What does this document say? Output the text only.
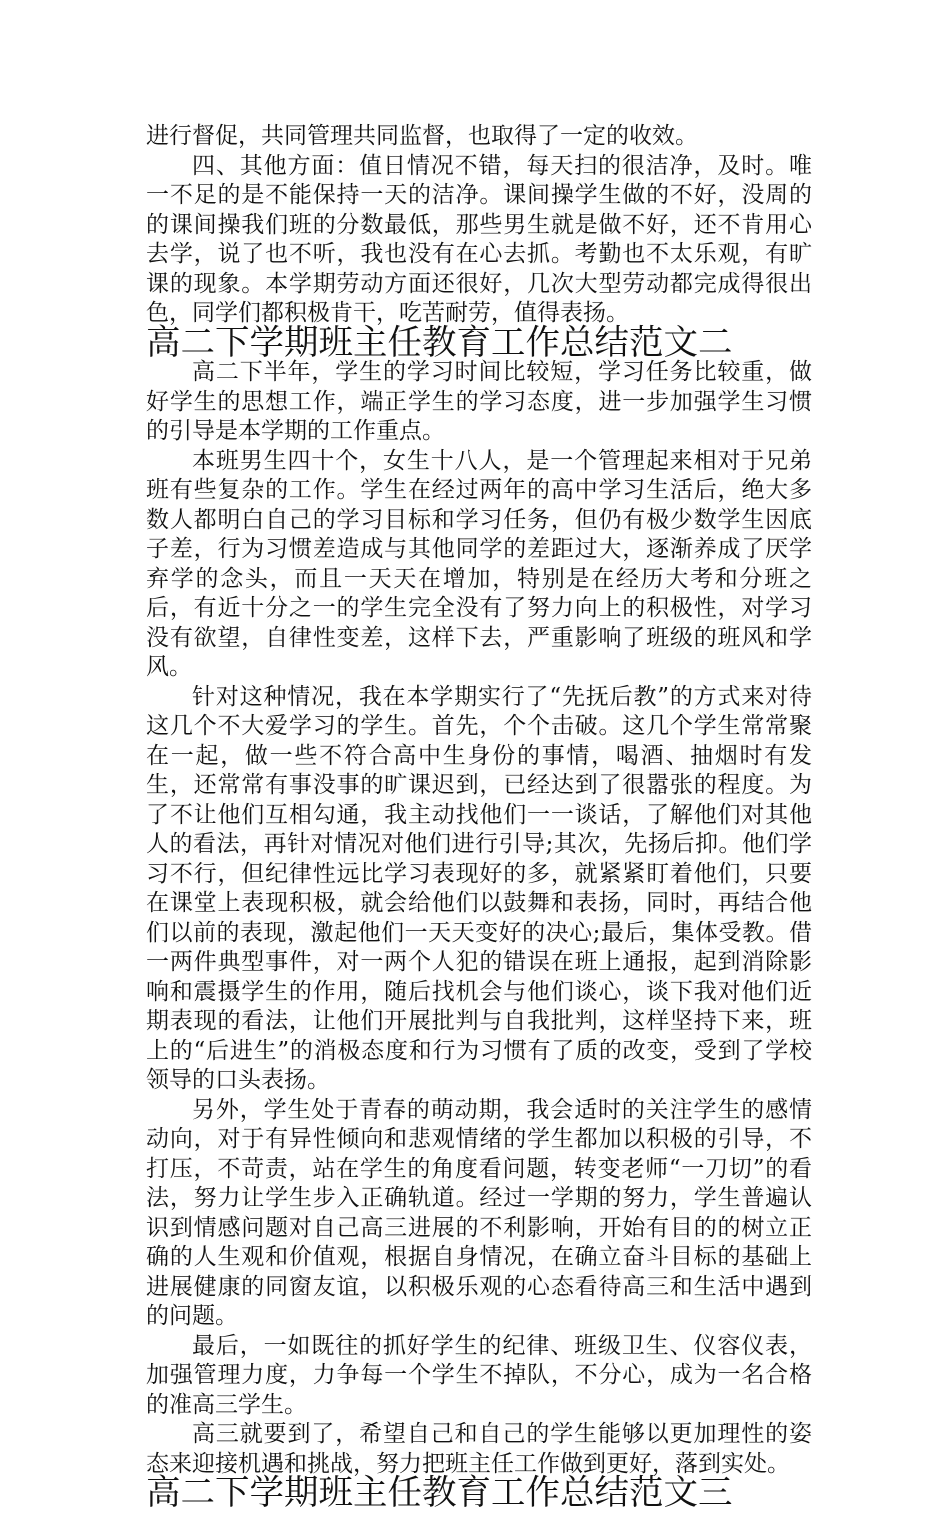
进行督促，共同管理共同监督，也取得了一定的收效。

四、其他方面：值日情况不错，每天扫的很洁净，及时。唯一不足的是不能保持一天的洁净。课间操学生做的不好，没周的的课间操我们班的分数最低，那些男生就是做不好，还不肯用心去学，说了也不听，我也没有在心去抓。考勤也不太乐观，有旷课的现象。本学期劳动方面还很好，几次大型劳动都完成得很出色，同学们都积极肯干，吃苦耐劳，值得表扬。

高二下学期班主任教育工作总结范文二

高二下半年，学生的学习时间比较短，学习任务比较重，做好学生的思想工作，端正学生的学习态度，进一步加强学生习惯的引导是本学期的工作重点。

本班男生四十个，女生十八人，是一个管理起来相对于兄弟班有些复杂的工作。学生在经过两年的高中学习生活后，绝大多数人都明白自己的学习目标和学习任务，但仍有极少数学生因底子差，行为习惯差造成与其他同学的差距过大，逐渐养成了厌学弃学的念头，而且一天天在增加，特别是在经历大考和分班之后，有近十分之一的学生完全没有了努力向上的积极性，对学习没有欲望，自律性变差，这样下去，严重影响了班级的班风和学风。

针对这种情况，我在本学期实行了“先抚后教”的方式来对待这几个不大爱学习的学生。首先，个个击破。这几个学生常常聚在一起，做一些不符合高中生身份的事情，喝酒、抽烟时有发生，还常常有事没事的旷课迟到，已经达到了很嚣张的程度。为了不让他们互相勾通，我主动找他们一一谈话，了解他们对其他人的看法，再针对情况对他们进行引导;其次，先扬后抑。他们学习不行，但纪律性远比学习表现好的多，就紧紧盯着他们，只要在课堂上表现积极，就会给他们以鼓舞和表扬，同时，再结合他们以前的表现，激起他们一天天变好的决心;最后，集体受教。借一两件典型事件，对一两个人犯的错误在班上通报，起到消除影响和震摄学生的作用，随后找机会与他们谈心，谈下我对他们近期表现的看法，让他们开展批判与自我批判，这样坚持下来，班上的“后进生”的消极态度和行为习惯有了质的改变，受到了学校领导的口头表扬。

另外，学生处于青春的萌动期，我会适时的关注学生的感情动向，对于有异性倾向和悲观情绪的学生都加以积极的引导，不打压，不苛责，站在学生的角度看问题，转变老师“一刀切”的看法，努力让学生步入正确轨道。经过一学期的努力，学生普遍认识到情感问题对自己高三进展的不利影响，开始有目的的树立正确的人生观和价值观，根据自身情况，在确立奋斗目标的基础上进展健康的同窗友谊，以积极乐观的心态看待高三和生活中遇到的问题。

最后，一如既往的抓好学生的纪律、班级卫生、仪容仪表，加强管理力度，力争每一个学生不掉队，不分心，成为一名合格的准高三学生。

高三就要到了，希望自己和自己的学生能够以更加理性的姿态来迎接机遇和挑战，努力把班主任工作做到更好，落到实处。

高二下学期班主任教育工作总结范文三
